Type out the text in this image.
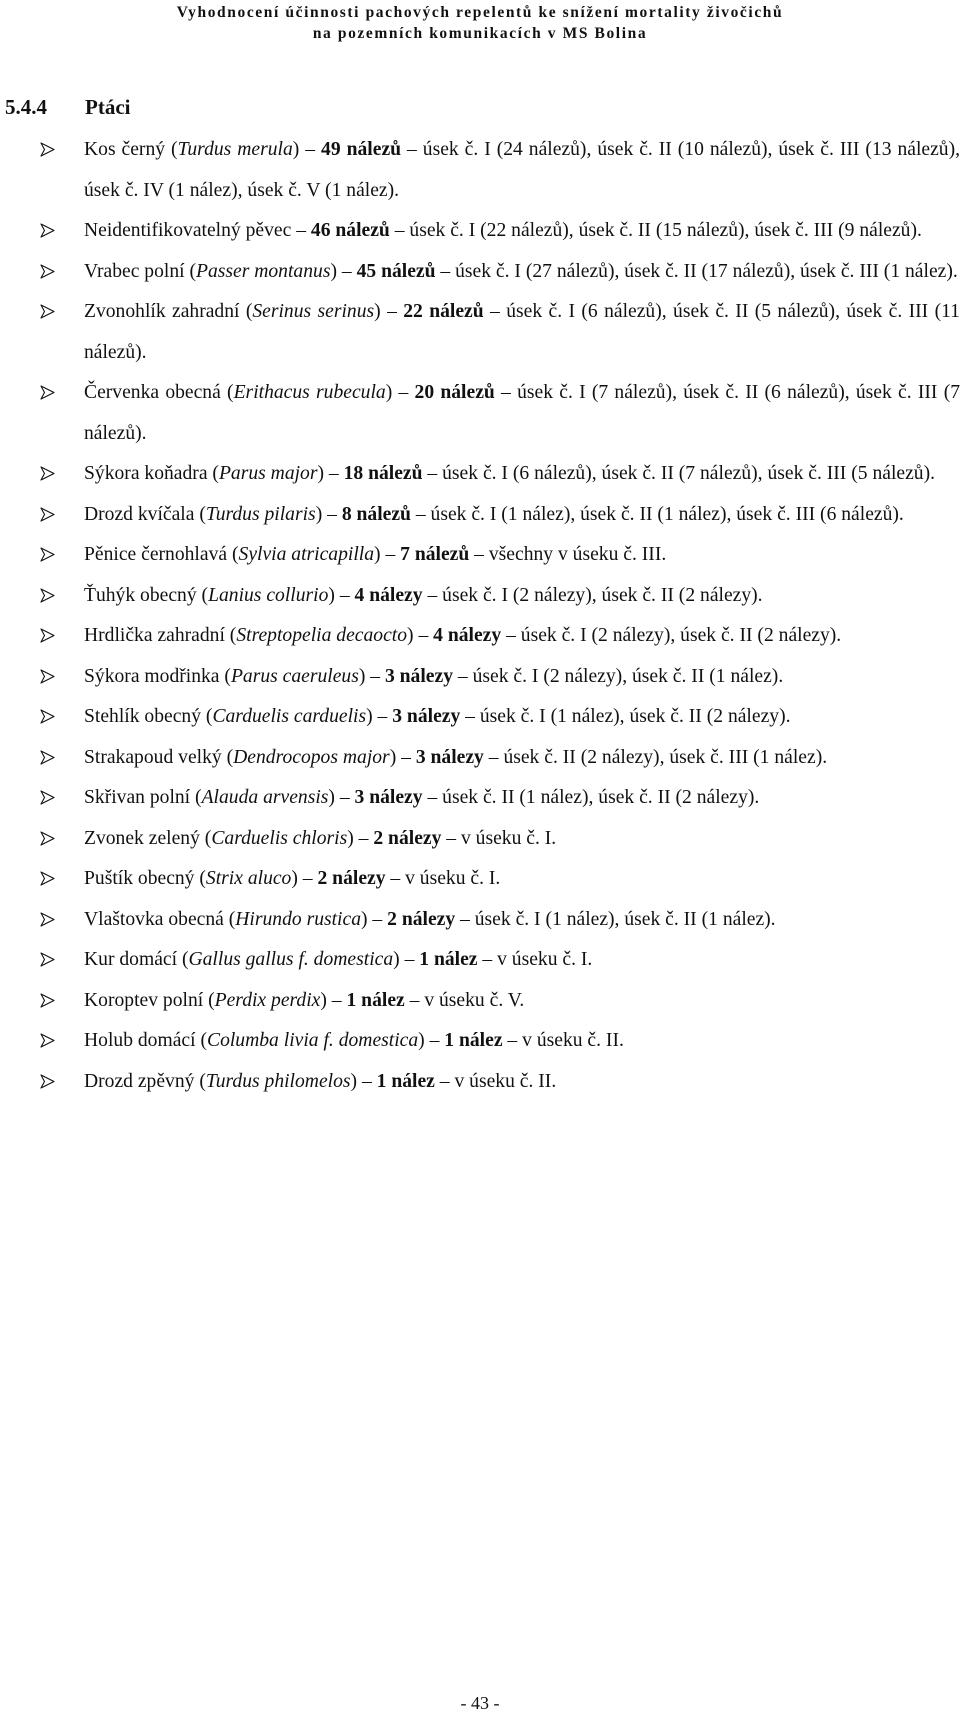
Vyhodnocení účinnosti pachových repelentů ke snížení mortality živočichů
na pozemních komunikacích v MS Bolina
5.4.4 Ptáci
Kos černý (Turdus merula) – 49 nálezů – úsek č. I (24 nálezů), úsek č. II (10 nálezů), úsek č. III (13 nálezů), úsek č. IV (1 nález), úsek č. V (1 nález).
Neidentifikovatelný pěvec – 46 nálezů – úsek č. I (22 nálezů), úsek č. II (15 nálezů), úsek č. III (9 nálezů).
Vrabec polní (Passer montanus) – 45 nálezů – úsek č. I (27 nálezů), úsek č. II (17 nálezů), úsek č. III (1 nález).
Zvonohlík zahradní (Serinus serinus) – 22 nálezů – úsek č. I (6 nálezů), úsek č. II (5 nálezů), úsek č. III (11 nálezů).
Červenka obecná (Erithacus rubecula) – 20 nálezů – úsek č. I (7 nálezů), úsek č. II (6 nálezů), úsek č. III (7 nálezů).
Sýkora koňadra (Parus major) – 18 nálezů – úsek č. I (6 nálezů), úsek č. II (7 nálezů), úsek č. III (5 nálezů).
Drozd kvíčala (Turdus pilaris) – 8 nálezů – úsek č. I (1 nález), úsek č. II (1 nález), úsek č. III (6 nálezů).
Pěnice černohlavá (Sylvia atricapilla) – 7 nálezů – všechny v úseku č. III.
Ťuhýk obecný (Lanius collurio) – 4 nálezy – úsek č. I (2 nálezy), úsek č. II (2 nálezy).
Hrdlička zahradní (Streptopelia decaocto) – 4 nálezy – úsek č. I (2 nálezy), úsek č. II (2 nálezy).
Sýkora modřinka (Parus caeruleus) – 3 nálezy – úsek č. I (2 nálezy), úsek č. II (1 nález).
Stehlík obecný (Carduelis carduelis) – 3 nálezy – úsek č. I (1 nález), úsek č. II (2 nálezy).
Strakapoud velký (Dendrocopos major) – 3 nálezy – úsek č. II (2 nálezy), úsek č. III (1 nález).
Skřivan polní (Alauda arvensis) – 3 nálezy – úsek č. II (1 nález), úsek č. II (2 nálezy).
Zvonek zelený (Carduelis chloris) – 2 nálezy – v úseku č. I.
Puštík obecný (Strix aluco) – 2 nálezy – v úseku č. I.
Vlaštovka obecná (Hirundo rustica) – 2 nálezy – úsek č. I (1 nález), úsek č. II (1 nález).
Kur domácí (Gallus gallus f. domestica) – 1 nález – v úseku č. I.
Koroptev polní (Perdix perdix) – 1 nález – v úseku č. V.
Holub domácí (Columba livia f. domestica) – 1 nález – v úseku č. II.
Drozd zpěvný (Turdus philomelos) – 1 nález – v úseku č. II.
- 43 -
